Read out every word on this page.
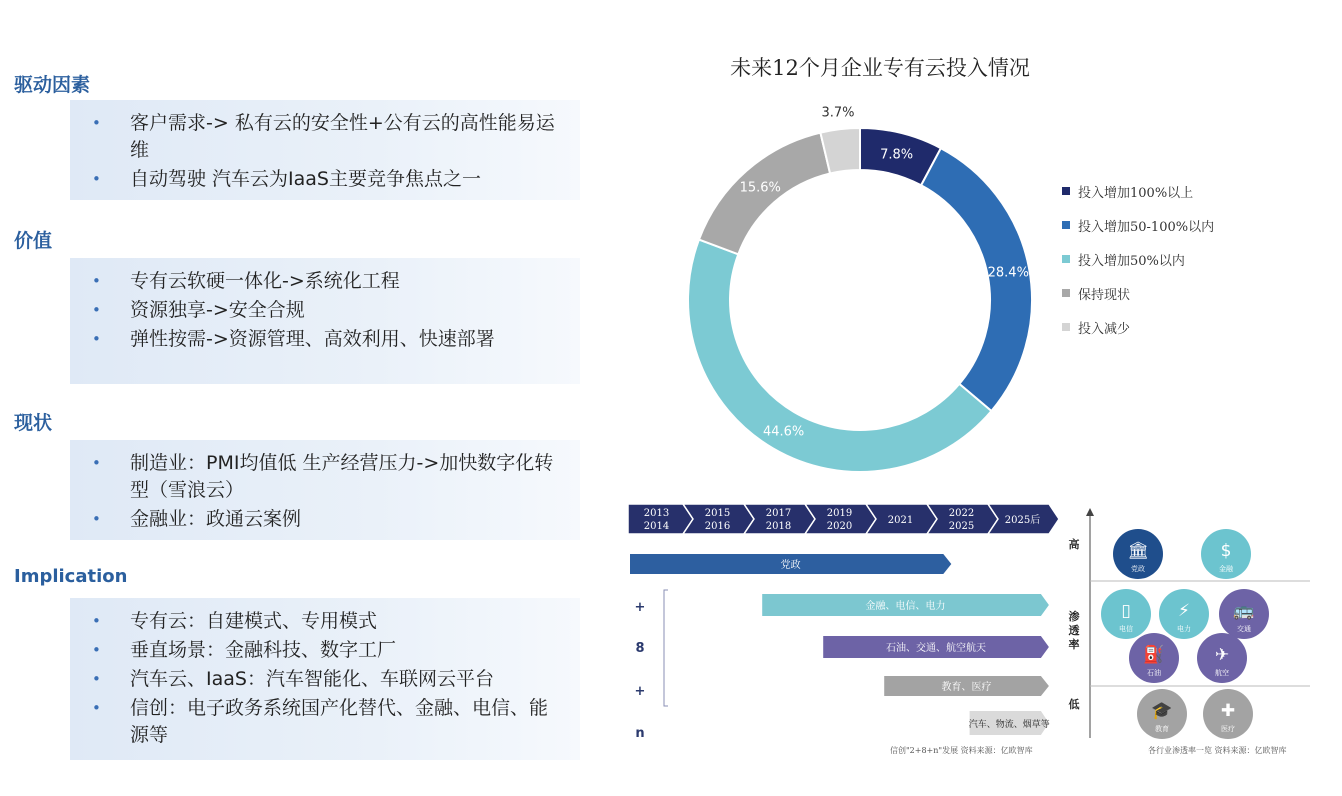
驱动因素
• 客户需求-> 私有云的安全性+公有云的高性能易运维
• 自动驾驶 汽车云为IaaS主要竞争焦点之一
价值
• 专有云软硬一体化->系统化工程
• 资源独享->安全合规
• 弹性按需->资源管理、高效利用、快速部署
现状
• 制造业：PMI均值低 生产经营压力->加快数字化转型（雪浪云）
• 金融业：政通云案例
Implication
• 专有云：自建模式、专用模式
• 垂直场景：金融科技、数字工厂
• 汽车云、IaaS：汽车智能化、车联网云平台
• 信创：电子政务系统国产化替代、金融、电信、能源等
未来12个月企业专有云投入情况
7.8%
28.4%
44.6%
15.6%
3.7%
投入增加100%以上
投入增加50-100%以内
投入增加50%以内
保持现状
投入减少
2013
2014
2015
2016
2017
2018
2019
2020
2021
2022
2025
2025后
+
8
+
n
党政
金融、电信、电力
石油、交通、航空航天
教育、医疗
汽车、物流、烟草等
高
渗
透
率
低
🏛
党政
$
金融
▯
电信
⚡
电力
🚌
交通
⛽
石油
✈
航空
🎓
教育
✚
医疗
信创"2+8+n"发展 资料来源：亿欧智库	各行业渗透率一览 资料来源：亿欧智库
